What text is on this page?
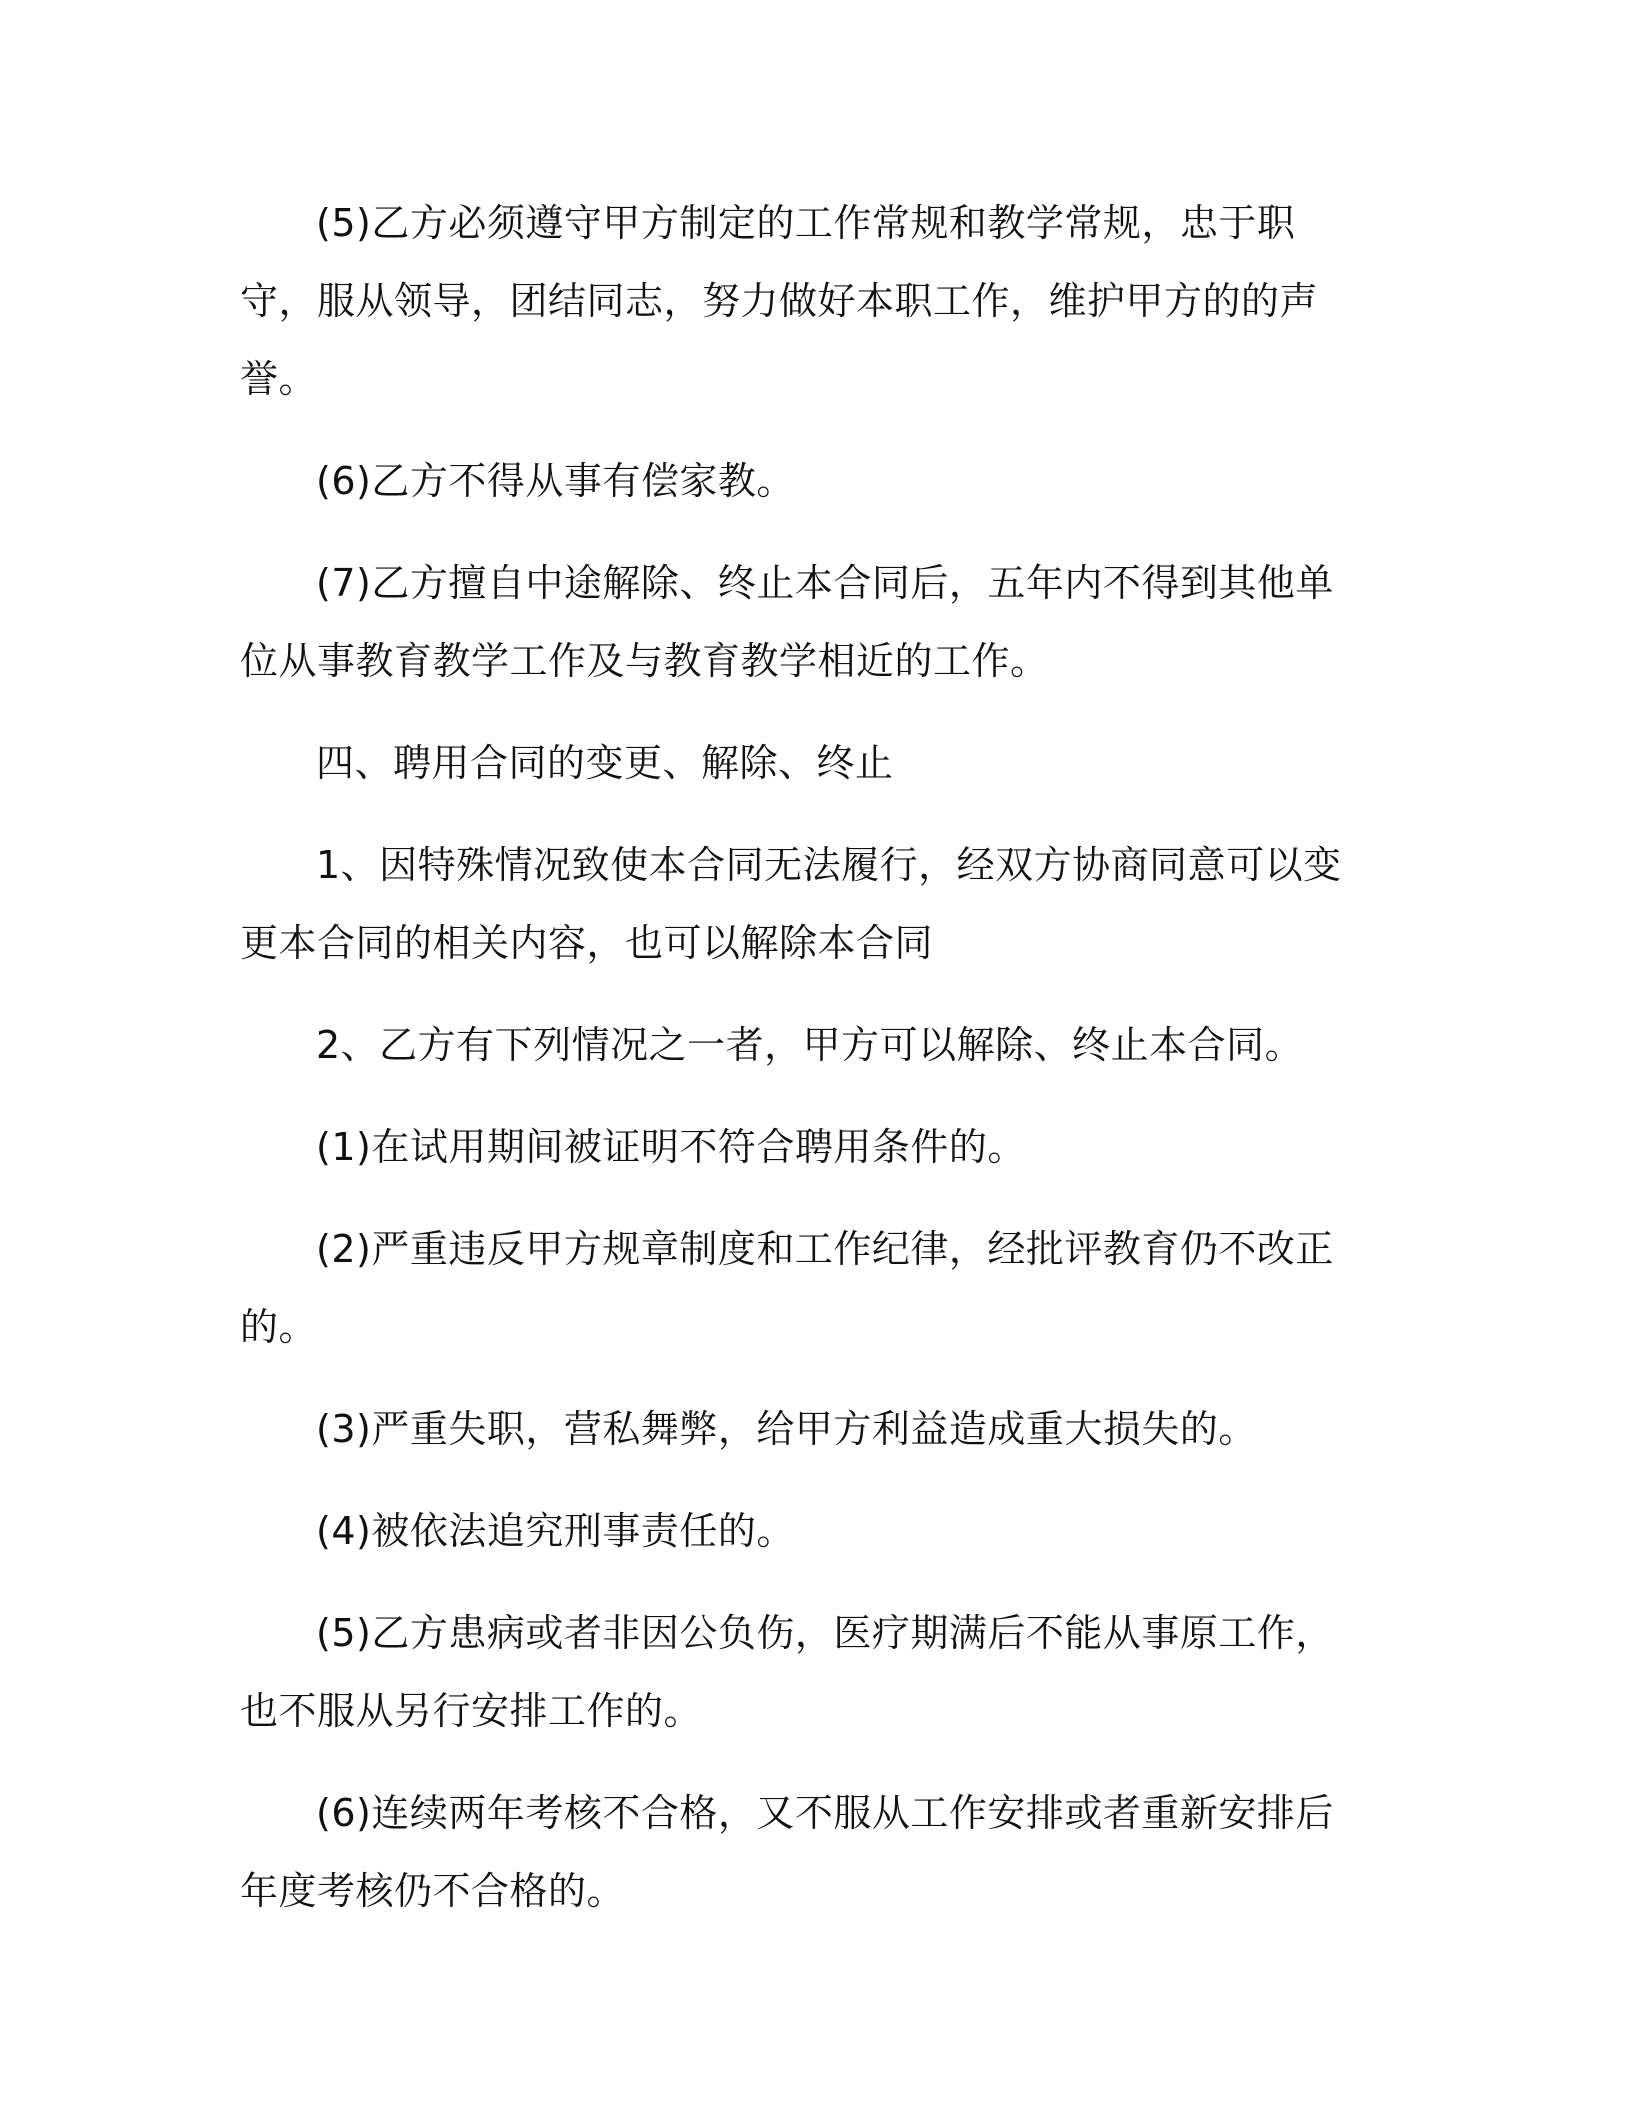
(5)乙方必须遵守甲方制定的工作常规和教学常规，忠于职守，服从领导，团结同志，努力做好本职工作，维护甲方的的声誉。

(6)乙方不得从事有偿家教。

(7)乙方擅自中途解除、终止本合同后，五年内不得到其他单位从事教育教学工作及与教育教学相近的工作。

四、聘用合同的变更、解除、终止

1、因特殊情况致使本合同无法履行，经双方协商同意可以变更本合同的相关内容，也可以解除本合同

2、乙方有下列情况之一者，甲方可以解除、终止本合同。

(1)在试用期间被证明不符合聘用条件的。

(2)严重违反甲方规章制度和工作纪律，经批评教育仍不改正的。

(3)严重失职，营私舞弊，给甲方利益造成重大损失的。

(4)被依法追究刑事责任的。

(5)乙方患病或者非因公负伤，医疗期满后不能从事原工作，也不服从另行安排工作的。

(6)连续两年考核不合格，又不服从工作安排或者重新安排后年度考核仍不合格的。
